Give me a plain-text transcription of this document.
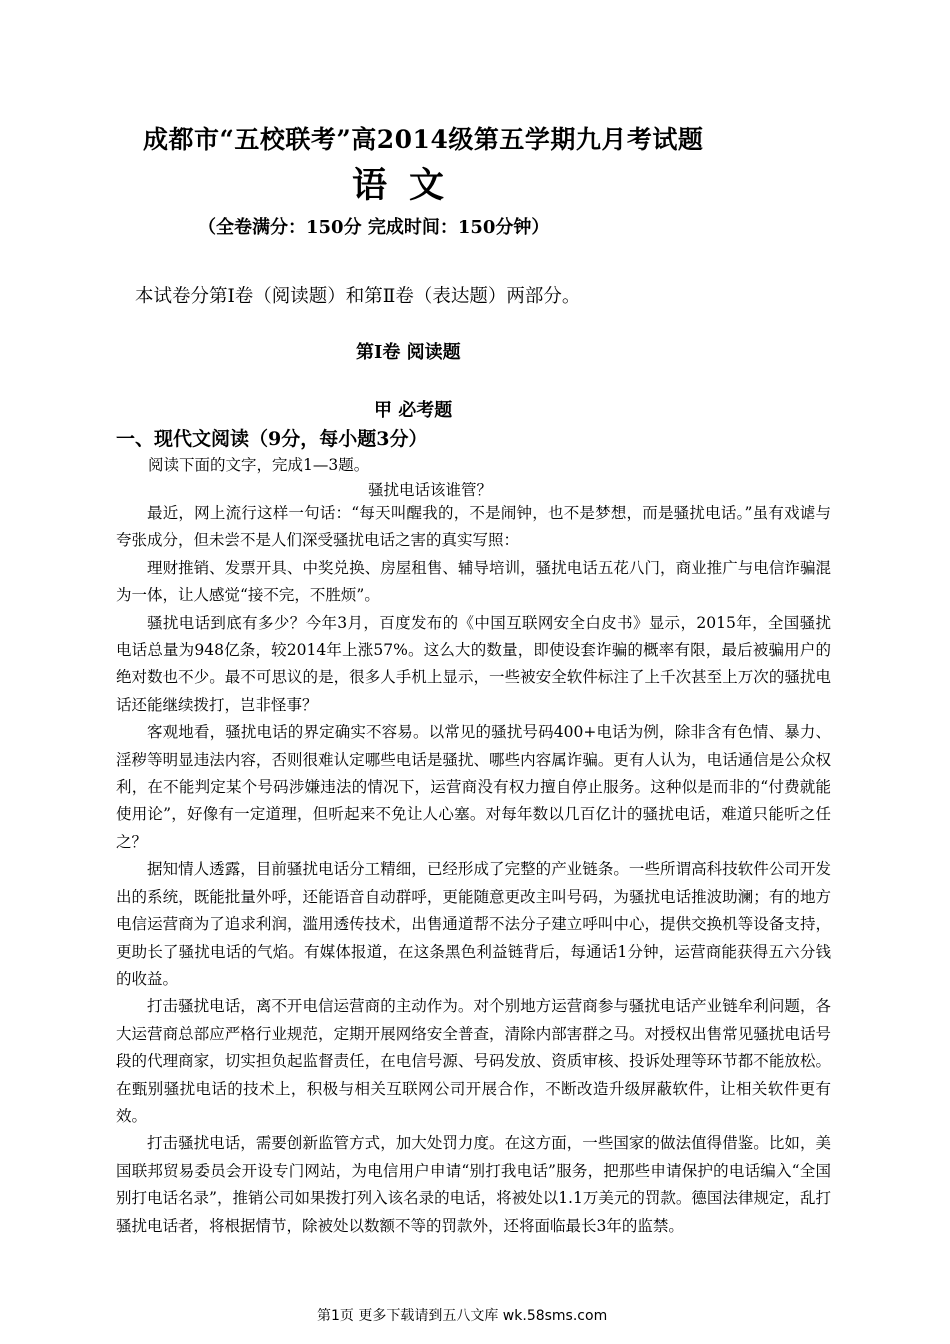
成都市“五校联考”高2014级第五学期九月考试题
语文
（全卷满分：150分 完成时间：150分钟）
本试卷分第Ⅰ卷（阅读题）和第Ⅱ卷（表达题）两部分。
第Ⅰ卷 阅读题
甲 必考题
一、现代文阅读（9分，每小题3分）
阅读下面的文字，完成1—3题。
骚扰电话该谁管？

最近，网上流行这样一句话：“每天叫醒我的，不是闹钟，也不是梦想，而是骚扰电话。”虽有戏谑与夸张成分，但未尝不是人们深受骚扰电话之害的真实写照：

理财推销、发票开具、中奖兑换、房屋租售、辅导培训，骚扰电话五花八门，商业推广与电信诈骗混为一体，让人感觉“接不完，不胜烦”。

骚扰电话到底有多少？今年3月，百度发布的《中国互联网安全白皮书》显示，2015年，全国骚扰电话总量为948亿条，较2014年上涨57%。这么大的数量，即使设套诈骗的概率有限，最后被骗用户的绝对数也不少。最不可思议的是，很多人手机上显示，一些被安全软件标注了上千次甚至上万次的骚扰电话还能继续拨打，岂非怪事？

客观地看，骚扰电话的界定确实不容易。以常见的骚扰号码400+电话为例，除非含有色情、暴力、淫秽等明显违法内容，否则很难认定哪些电话是骚扰、哪些内容属诈骗。更有人认为，电话通信是公众权利，在不能判定某个号码涉嫌违法的情况下，运营商没有权力擅自停止服务。这种似是而非的“付费就能使用论”，好像有一定道理，但听起来不免让人心塞。对每年数以几百亿计的骚扰电话，难道只能听之任之？

据知情人透露，目前骚扰电话分工精细，已经形成了完整的产业链条。一些所谓高科技软件公司开发出的系统，既能批量外呼，还能语音自动群呼，更能随意更改主叫号码，为骚扰电话推波助澜；有的地方电信运营商为了追求利润，滥用透传技术，出售通道帮不法分子建立呼叫中心，提供交换机等设备支持，更助长了骚扰电话的气焰。有媒体报道，在这条黑色利益链背后，每通话1分钟，运营商能获得五六分钱的收益。

打击骚扰电话，离不开电信运营商的主动作为。对个别地方运营商参与骚扰电话产业链牟利问题，各大运营商总部应严格行业规范，定期开展网络安全普查，清除内部害群之马。对授权出售常见骚扰电话号段的代理商家，切实担负起监督责任，在电信号源、号码发放、资质审核、投诉处理等环节都不能放松。在甄别骚扰电话的技术上，积极与相关互联网公司开展合作，不断改造升级屏蔽软件，让相关软件更有效。

打击骚扰电话，需要创新监管方式，加大处罚力度。在这方面，一些国家的做法值得借鉴。比如，美国联邦贸易委员会开设专门网站，为电信用户申请“别打我电话”服务，把那些申请保护的电话编入“全国别打电话名录”，推销公司如果拨打列入该名录的电话，将被处以1.1万美元的罚款。德国法律规定，乱打骚扰电话者，将根据情节，除被处以数额不等的罚款外，还将面临最长3年的监禁。

第1页 更多下载请到五八文库 wk.58sms.com
